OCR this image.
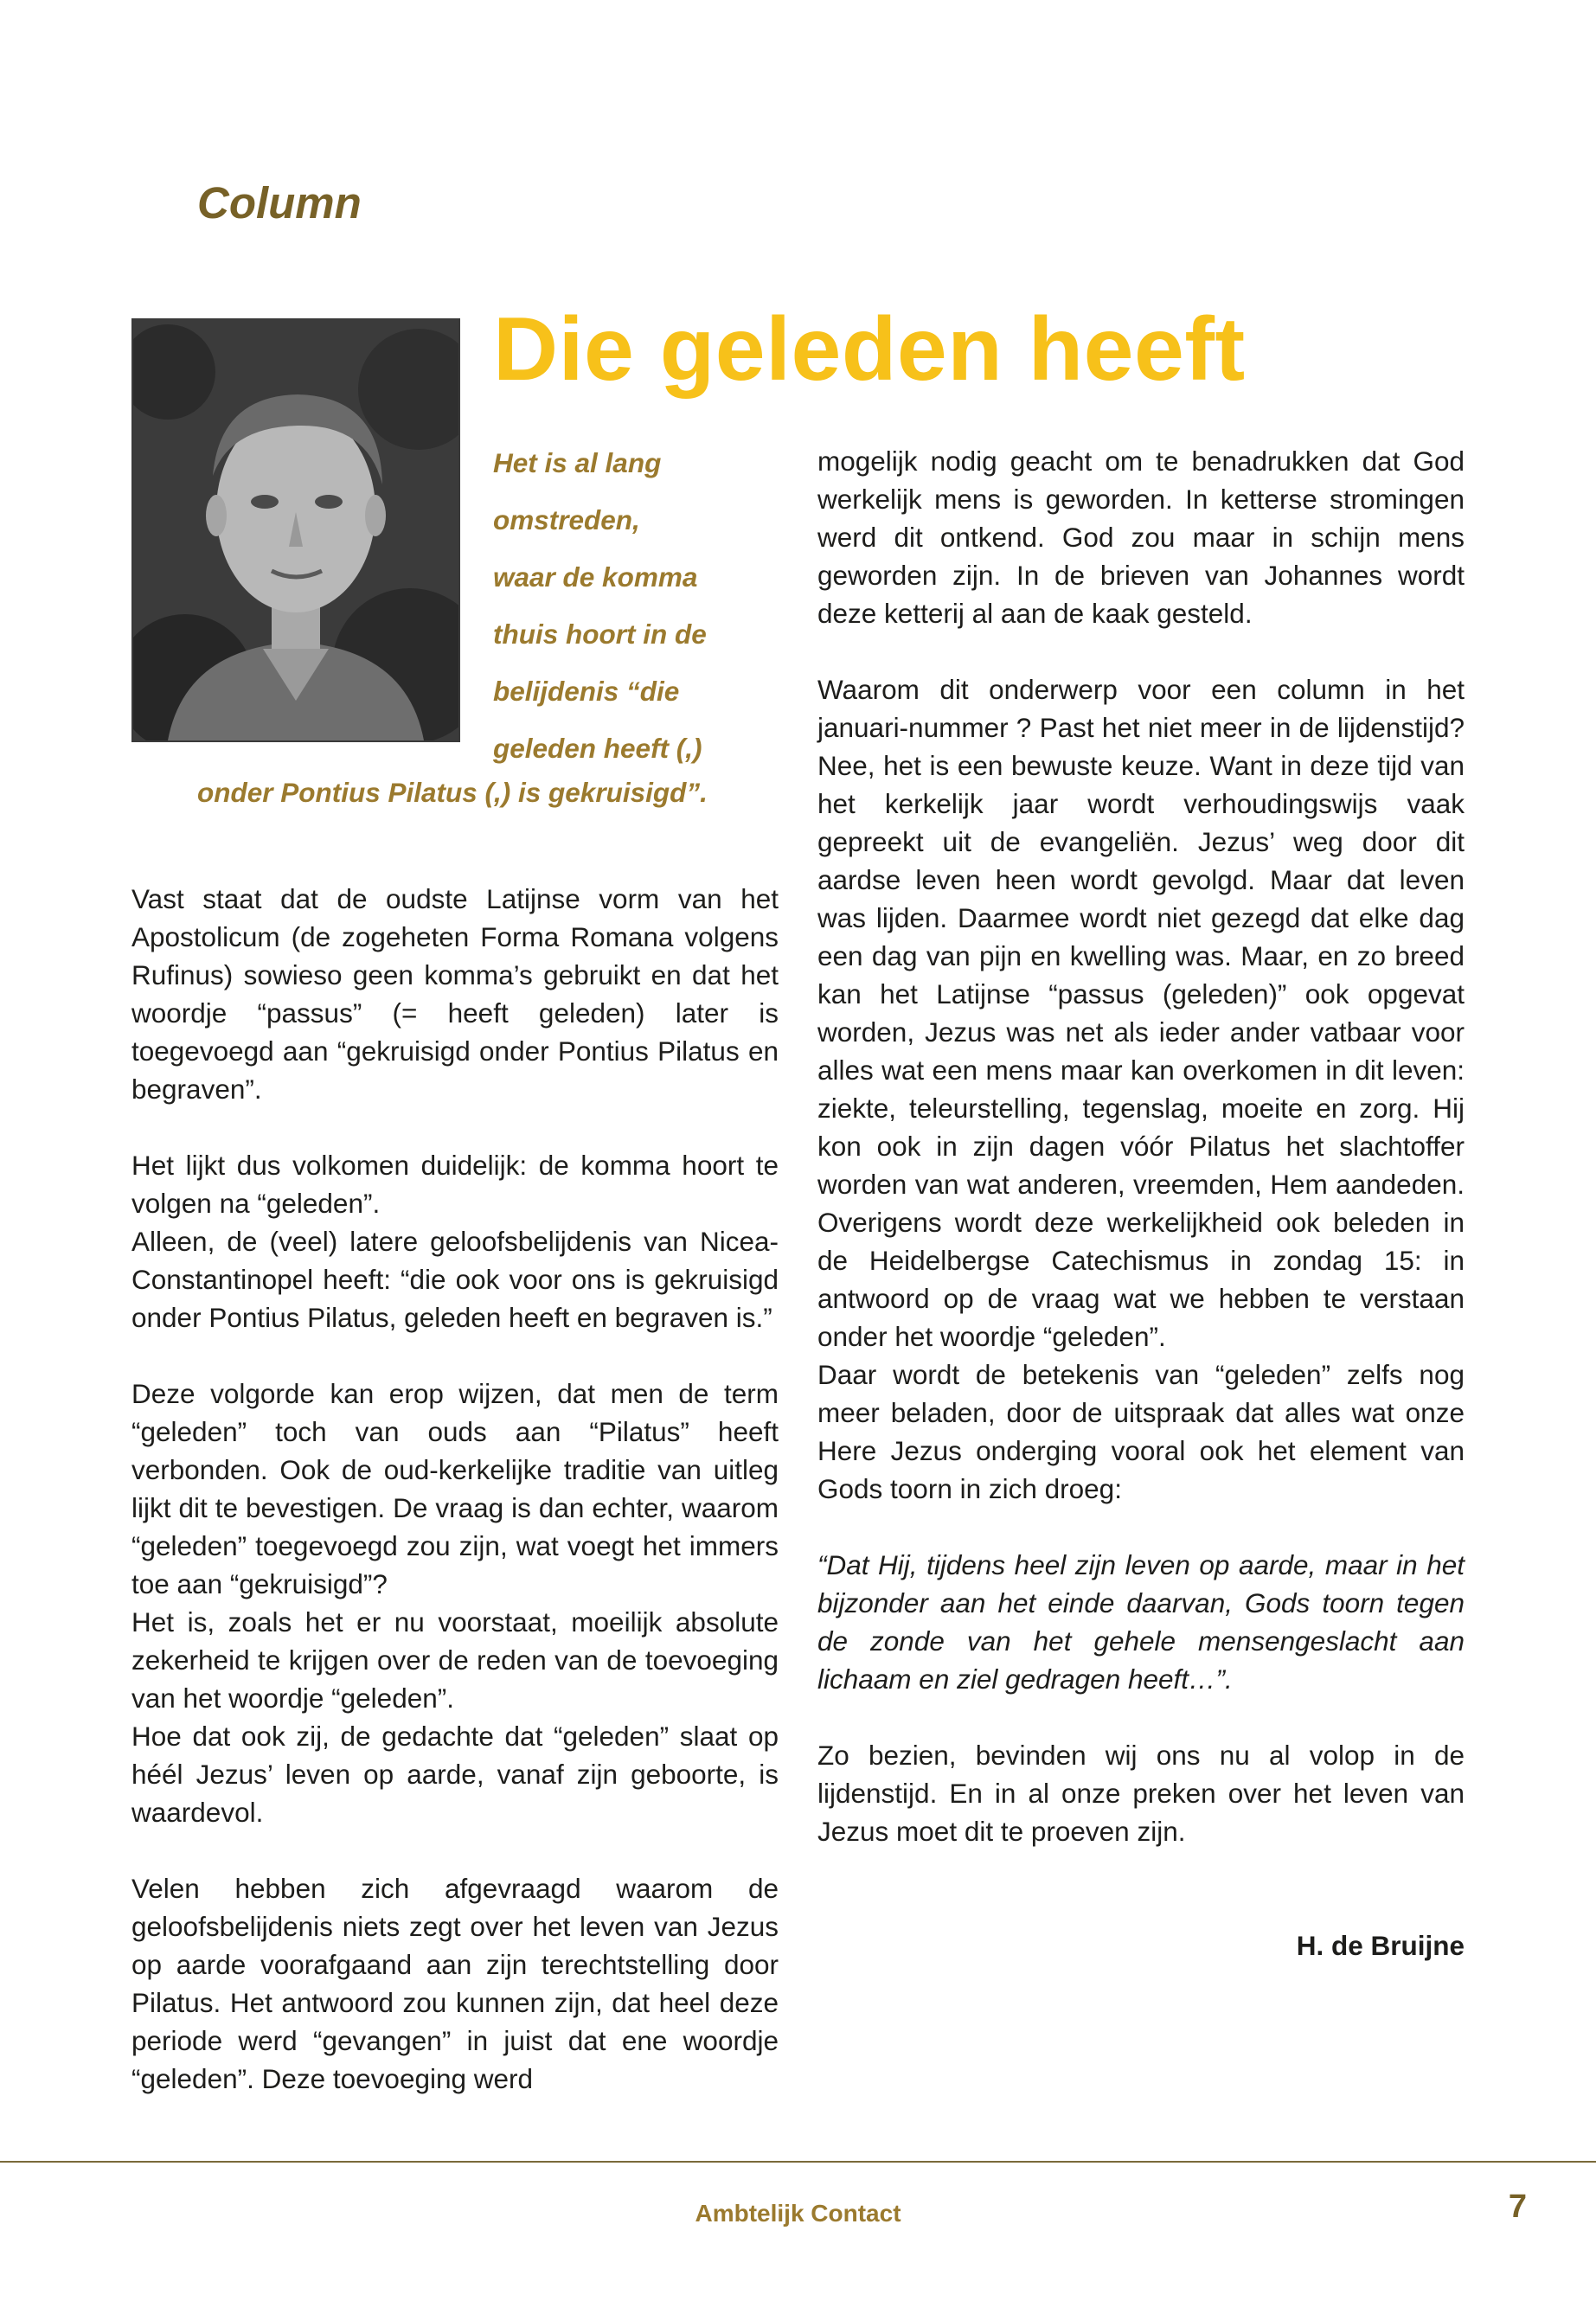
Column
Die geleden heeft
Het is al lang
omstreden,
waar de komma
thuis hoort in de
belijdenis “die
geleden heeft (,)
onder Pontius Pilatus (,) is gekruisigd”.

Vast staat dat de oudste Latijnse vorm van het Apostolicum (de zogeheten Forma Romana volgens Rufinus) sowieso geen komma’s gebruikt en dat het woordje “passus” (= heeft geleden) later is toegevoegd aan “gekruisigd onder Pontius Pilatus en begraven”.

Het lijkt dus volkomen duidelijk: de komma hoort te volgen na “geleden”.

Alleen, de (veel) latere geloofsbelijdenis van Nicea-Constantinopel heeft: “die ook voor ons is gekruisigd onder Pontius Pilatus, geleden heeft en begraven is.”

Deze volgorde kan erop wijzen, dat men de term “geleden” toch van ouds aan “Pilatus” heeft verbonden. Ook de oud-kerkelijke traditie van uitleg lijkt dit te bevestigen. De vraag is dan echter, waarom “geleden” toegevoegd zou zijn, wat voegt het immers toe aan “gekruisigd”?

Het is, zoals het er nu voorstaat, moeilijk absolute zekerheid te krijgen over de reden van de toevoeging van het woordje “geleden”.

Hoe dat ook zij, de gedachte dat “geleden” slaat op héél Jezus’ leven op aarde, vanaf zijn geboorte, is waardevol.

Velen hebben zich afgevraagd waarom de geloofsbelijdenis niets zegt over het leven van Jezus op aarde voorafgaand aan zijn terechtstelling door Pilatus. Het antwoord zou kunnen zijn, dat heel deze periode werd “gevangen” in juist dat ene woordje “geleden”. Deze toevoeging werd

mogelijk nodig geacht om te benadrukken dat God werkelijk mens is geworden. In ketterse stromingen werd dit ontkend. God zou maar in schijn mens geworden zijn. In de brieven van Johannes wordt deze ketterij al aan de kaak gesteld.

Waarom dit onderwerp voor een column in het januari-nummer ? Past het niet meer in de lijdenstijd? Nee, het is een bewuste keuze. Want in deze tijd van het kerkelijk jaar wordt verhoudingswijs vaak gepreekt uit de evangeliën. Jezus’ weg door dit aardse leven heen wordt gevolgd. Maar dat leven was lijden. Daarmee wordt niet gezegd dat elke dag een dag van pijn en kwelling was. Maar, en zo breed kan het Latijnse “passus (geleden)” ook opgevat worden, Jezus was net als ieder ander vatbaar voor alles wat een mens maar kan overkomen in dit leven: ziekte, teleurstelling, tegenslag, moeite en zorg. Hij kon ook in zijn dagen vóór Pilatus het slachtoffer worden van wat anderen, vreemden, Hem aandeden. Overigens wordt deze werkelijkheid ook beleden in de Heidelbergse Catechismus in zondag 15: in antwoord op de vraag wat we hebben te verstaan onder het woordje “geleden”.

Daar wordt de betekenis van “geleden” zelfs nog meer beladen, door de uitspraak dat alles wat onze Here Jezus onderging vooral ook het element van Gods toorn in zich droeg:

“Dat Hij, tijdens heel zijn leven op aarde, maar in het bijzonder aan het einde daarvan, Gods toorn tegen de zonde van het gehele mensengeslacht aan lichaam en ziel gedragen heeft…”.

Zo bezien, bevinden wij ons nu al volop in de lijdenstijd. En in al onze preken over het leven van Jezus moet dit te proeven zijn.

H. de Bruijne

Ambtelijk Contact	7
